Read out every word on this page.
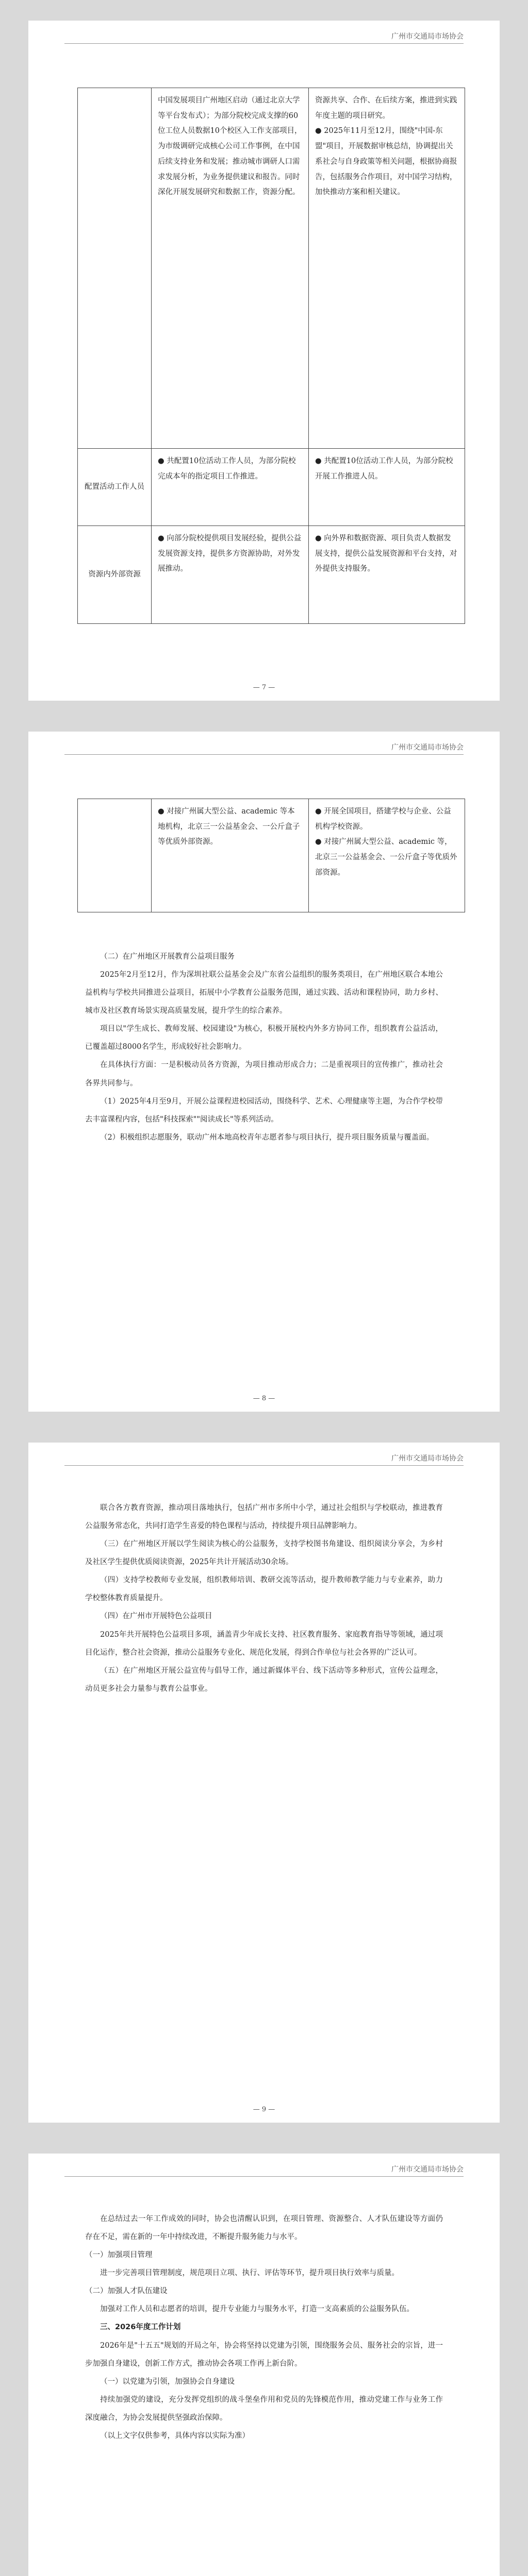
广州市交通局市场协会
	中国发展项目广州地区启动（通过北京大学等平台发布式）；为部分院校完成支撑的60位工位人员数据10个校区入工作支部项目，为市级调研完成核心公司工作事例，在中国后续支持业务和发展；推动城市调研人口需求发展分析，为业务提供建议和报告。同时深化开展发展研究和数据工作，资源分配。	资源共享、合作、在后续方案，推进到实践年度主题的项目研究。
● 2025年11月至12月，围绕"中国-东盟"项目，开展数据审核总结，协调提出关系社会与自身政策等相关问题，根据协商报告，包括服务合作项目，对中国学习结构，加快推动方案和相关建议。
配置活动工作人员	● 共配置10位活动工作人员，为部分院校完成本年的指定项目工作推进。	● 共配置10位活动工作人员，为部分院校开展工作推进人员。
资源内外部资源	● 向部分院校提供项目发展经验，提供公益发展资源支持，提供多方资源协助，对外发展推动。	● 向外界和数据资源、项目负责人数据发展支持，提供公益发展资源和平台支持，对外提供支持服务。
— 7 —
广州市交通局市场协会
	● 对接广州属大型公益、academic 等本地机构，北京三一公益基金会、一公斤盒子等优质外部资源。	● 开展全国项目，搭建学校与企业、公益机构学校资源。
● 对接广州属大型公益、academic 等，北京三一公益基金会、一公斤盒子等优质外部资源。

（二）在广州地区开展教育公益项目服务

2025年2月至12月，作为深圳社联公益基金会及广东省公益组织的服务类项目，在广州地区联合本地公益机构与学校共同推进公益项目，拓展中小学教育公益服务范围，通过实践、活动和课程协同，助力乡村、城市及社区教育场景实现高质量发展，提升学生的综合素养。

项目以"学生成长、教师发展、校园建设"为核心，积极开展校内外多方协同工作，组织教育公益活动，已覆盖超过8000名学生，形成较好社会影响力。

在具体执行方面：一是积极动员各方资源，为项目推动形成合力；二是重视项目的宣传推广，推动社会各界共同参与。

（1）2025年4月至9月，开展公益课程进校园活动，围绕科学、艺术、心理健康等主题，为合作学校带去丰富课程内容，包括"科技探索""阅读成长"等系列活动。

（2）积极组织志愿服务，联动广州本地高校青年志愿者参与项目执行，提升项目服务质量与覆盖面。

— 8 —
广州市交通局市场协会

联合各方教育资源，推动项目落地执行，包括广州市多所中小学，通过社会组织与学校联动，推进教育公益服务常态化，共同打造学生喜爱的特色课程与活动，持续提升项目品牌影响力。

（三）在广州地区开展以学生阅读为核心的公益服务，支持学校图书角建设、组织阅读分享会，为乡村及社区学生提供优质阅读资源，2025年共计开展活动30余场。

（四）支持学校教师专业发展，组织教师培训、教研交流等活动，提升教师教学能力与专业素养，助力学校整体教育质量提升。

（四）在广州市开展特色公益项目

2025年共开展特色公益项目多项，涵盖青少年成长支持、社区教育服务、家庭教育指导等领域，通过项目化运作，整合社会资源，推动公益服务专业化、规范化发展，得到合作单位与社会各界的广泛认可。

（五）在广州地区开展公益宣传与倡导工作，通过新媒体平台、线下活动等多种形式，宣传公益理念，动员更多社会力量参与教育公益事业。

— 9 —
广州市交通局市场协会

在总结过去一年工作成效的同时，协会也清醒认识到，在项目管理、资源整合、人才队伍建设等方面仍存在不足，需在新的一年中持续改进，不断提升服务能力与水平。

（一）加强项目管理

进一步完善项目管理制度，规范项目立项、执行、评估等环节，提升项目执行效率与质量。

（二）加强人才队伍建设

加强对工作人员和志愿者的培训，提升专业能力与服务水平，打造一支高素质的公益服务队伍。

三、2026年度工作计划

2026年是"十五五"规划的开局之年，协会将坚持以党建为引领，围绕服务会员、服务社会的宗旨，进一步加强自身建设，创新工作方式，推动协会各项工作再上新台阶。

（一）以党建为引领，加强协会自身建设

持续加强党的建设，充分发挥党组织的战斗堡垒作用和党员的先锋模范作用，推动党建工作与业务工作深度融合，为协会发展提供坚强政治保障。

（以上文字仅供参考，具体内容以实际为准）
